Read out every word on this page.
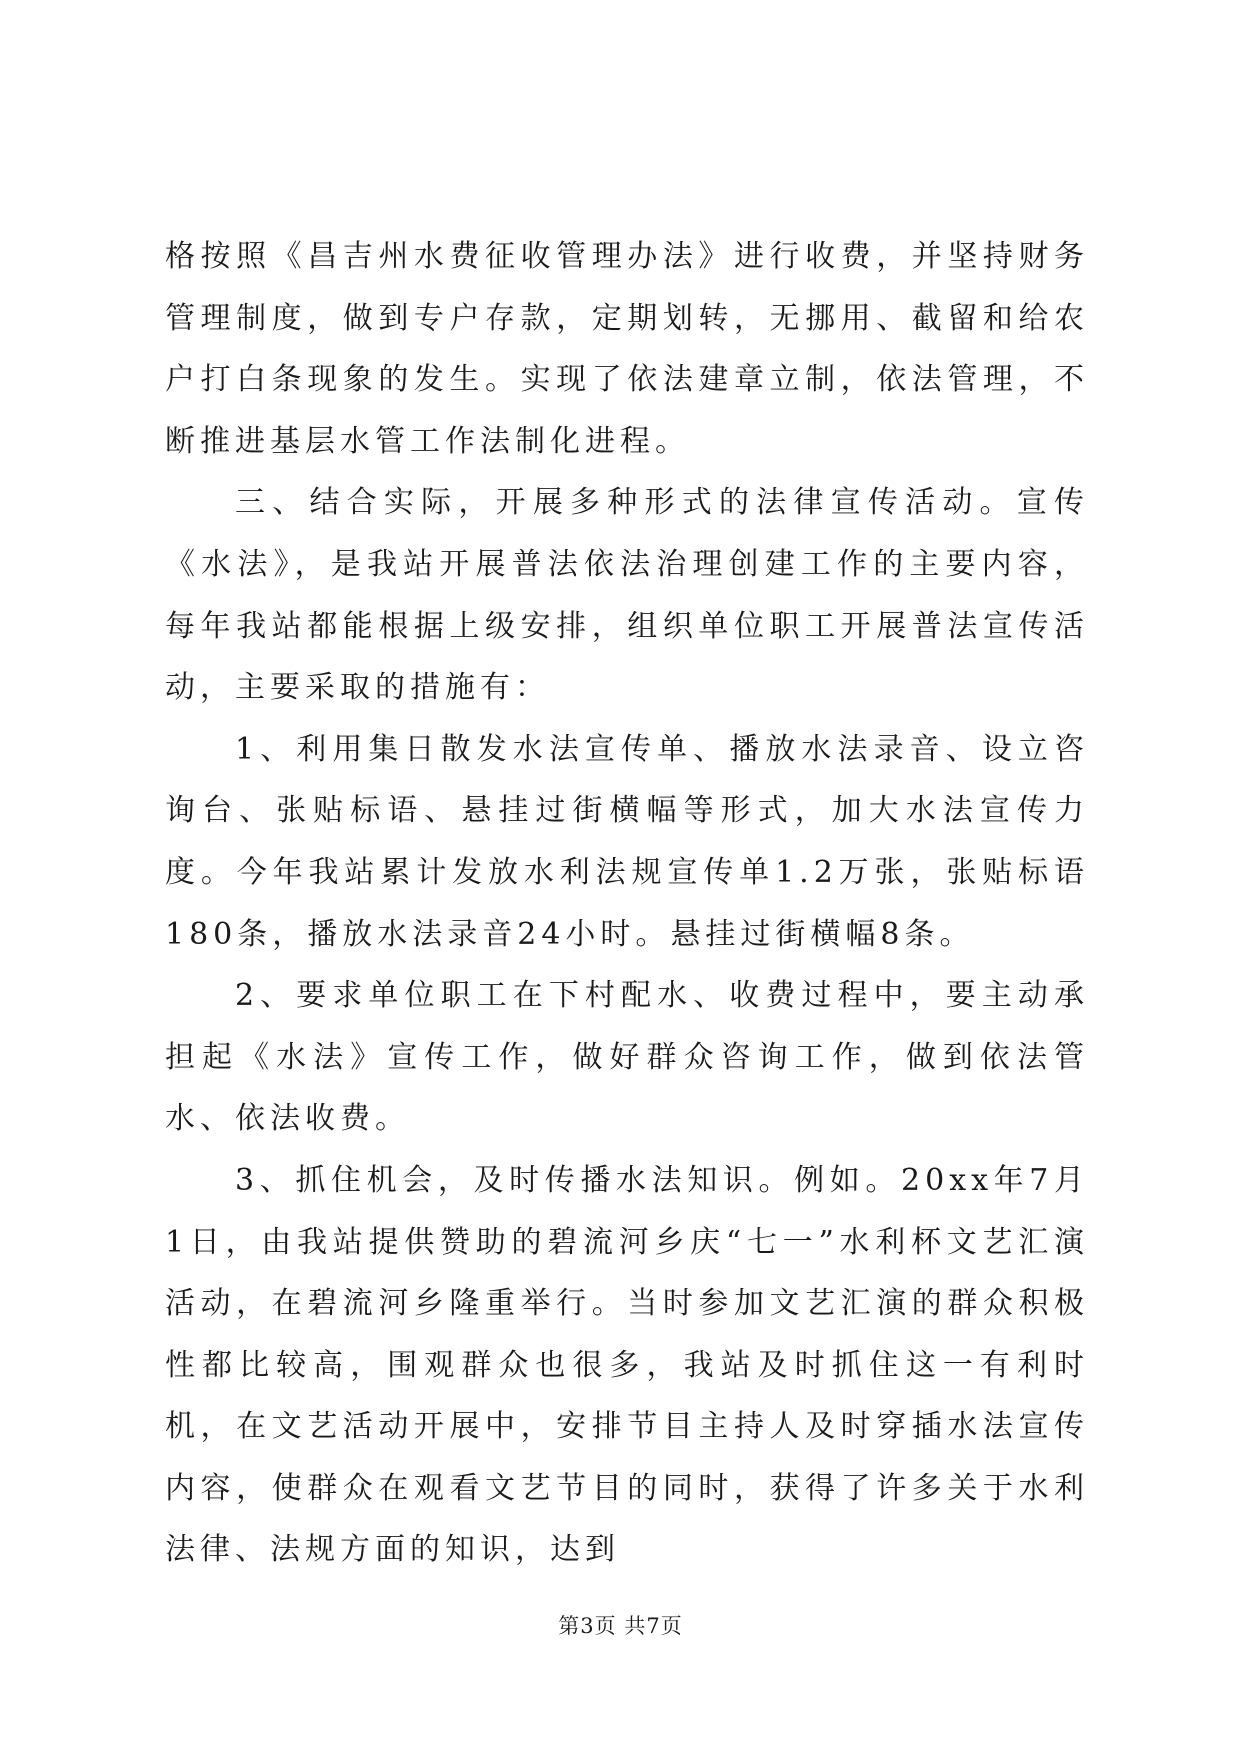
格按照《昌吉州水费征收管理办法》进行收费，并坚持财务管理制度，做到专户存款，定期划转，无挪用、截留和给农户打白条现象的发生。实现了依法建章立制，依法管理，不断推进基层水管工作法制化进程。

三、结合实际，开展多种形式的法律宣传活动。宣传《水法》，是我站开展普法依法治理创建工作的主要内容，每年我站都能根据上级安排，组织单位职工开展普法宣传活动，主要采取的措施有：

1、利用集日散发水法宣传单、播放水法录音、设立咨询台、张贴标语、悬挂过街横幅等形式，加大水法宣传力度。今年我站累计发放水利法规宣传单1.2万张，张贴标语180条，播放水法录音24小时。悬挂过街横幅8条。

2、要求单位职工在下村配水、收费过程中，要主动承担起《水法》宣传工作，做好群众咨询工作，做到依法管水、依法收费。

3、抓住机会，及时传播水法知识。例如。20xx年7月1日，由我站提供赞助的碧流河乡庆“七一”水利杯文艺汇演活动，在碧流河乡隆重举行。当时参加文艺汇演的群众积极性都比较高，围观群众也很多，我站及时抓住这一有利时机，在文艺活动开展中，安排节目主持人及时穿插水法宣传内容，使群众在观看文艺节目的同时，获得了许多关于水利法律、法规方面的知识，达到

第3页 共7页
